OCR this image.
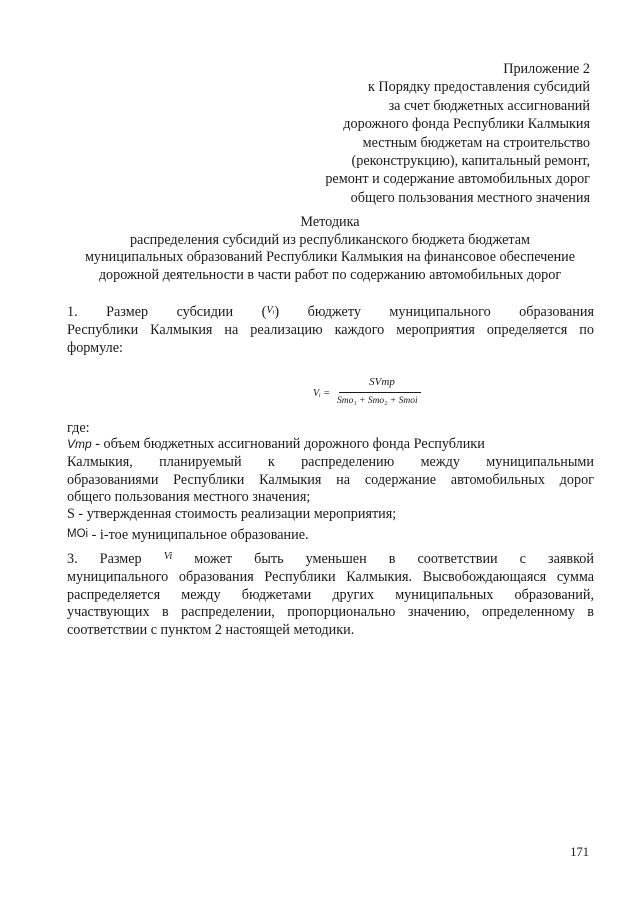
Приложение 2
к Порядку предоставления субсидий
за счет бюджетных ассигнований
дорожного фонда Республики Калмыкия
местным бюджетам на строительство
(реконструкцию), капитальный ремонт,
ремонт и содержание автомобильных дорог
общего пользования местного значения
Методика
распределения субсидий из республиканского бюджета бюджетам
муниципальных образований Республики Калмыкия на финансовое обеспечение
дорожной деятельности в части работ по содержанию автомобильных дорог
1.   Размер   субсидии   (Vᵢ)   бюджету   муниципального   образования
Республики Калмыкия на реализацию каждого мероприятия определяется по
формуле:
Vᵢ =
SVmp
Smo₁ + Smo₂ + Smoi
где:
Vmp - объем бюджетных ассигнований дорожного фонда Республики
Калмыкия,    планируемый    к    распределению    между    муниципальными
образованиями Республики Калмыкия на содержание автомобильных дорог
общего пользования местного значения;
S - утвержденная стоимость реализации мероприятия;
MOi - i-тое муниципальное образование.
3.  Размер  Vi  может  быть  уменьшен  в  соответствии  с  заявкой
муниципального образования Республики Калмыкия. Высвобождающаяся сумма
распределяется   между   бюджетами   других   муниципальных   образований,
участвующих в распределении, пропорционально значению, определенному в
соответствии с пунктом 2 настоящей методики.
171
